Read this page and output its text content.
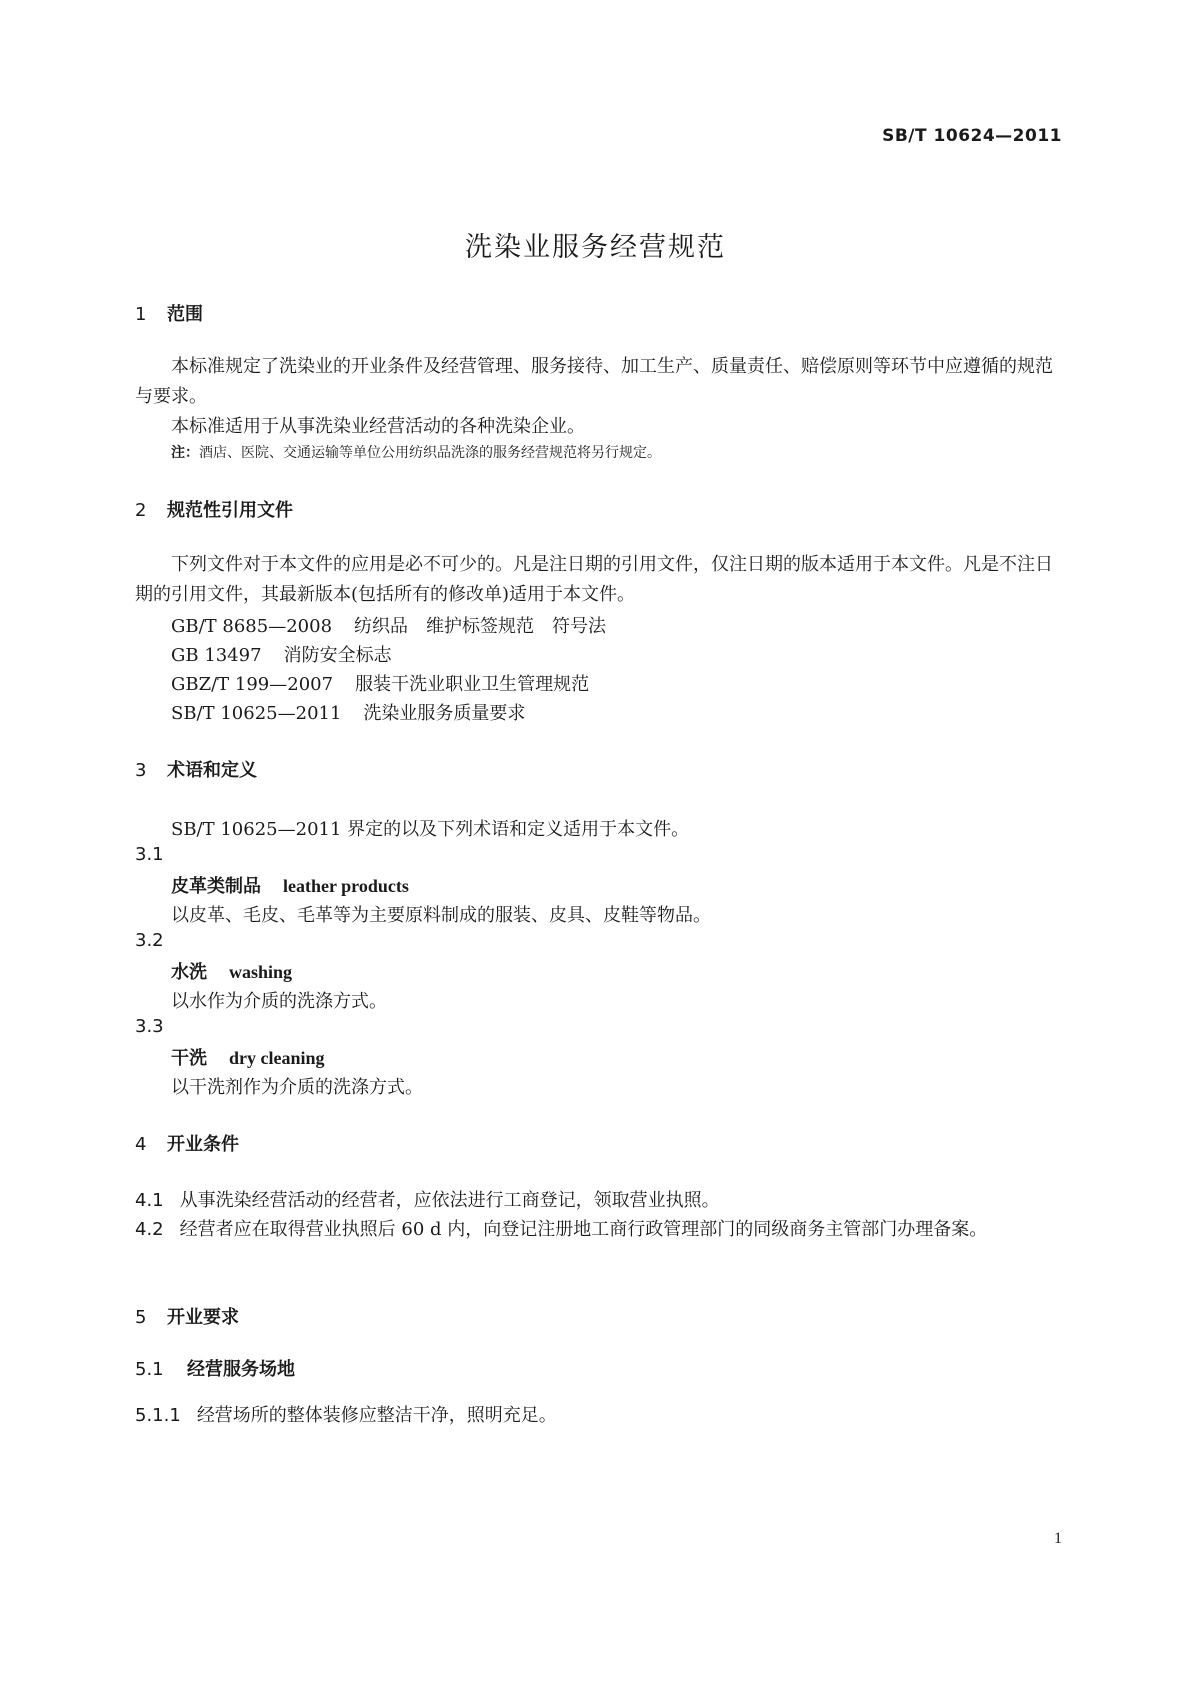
SB/T 10624—2011
洗染业服务经营规范
1 范围
本标准规定了洗染业的开业条件及经营管理、服务接待、加工生产、质量责任、赔偿原则等环节中应遵循的规范与要求。
本标准适用于从事洗染业经营活动的各种洗染企业。
注：酒店、医院、交通运输等单位公用纺织品洗涤的服务经营规范将另行规定。
2 规范性引用文件
下列文件对于本文件的应用是必不可少的。凡是注日期的引用文件，仅注日期的版本适用于本文件。凡是不注日期的引用文件，其最新版本(包括所有的修改单)适用于本文件。
GB/T 8685—2008 纺织品　维护标签规范　符号法
GB 13497 消防安全标志
GBZ/T 199—2007 服装干洗业职业卫生管理规范
SB/T 10625—2011 洗染业服务质量要求
3 术语和定义
SB/T 10625—2011 界定的以及下列术语和定义适用于本文件。
3.1
皮革类制品 leather products
以皮革、毛皮、毛革等为主要原料制成的服装、皮具、皮鞋等物品。
3.2
水洗 washing
以水作为介质的洗涤方式。
3.3
干洗 dry cleaning
以干洗剂作为介质的洗涤方式。
4 开业条件
4.1 从事洗染经营活动的经营者，应依法进行工商登记，领取营业执照。
4.2 经营者应在取得营业执照后 60 d 内，向登记注册地工商行政管理部门的同级商务主管部门办理备案。
5 开业要求
5.1 经营服务场地
5.1.1 经营场所的整体装修应整洁干净，照明充足。
1
